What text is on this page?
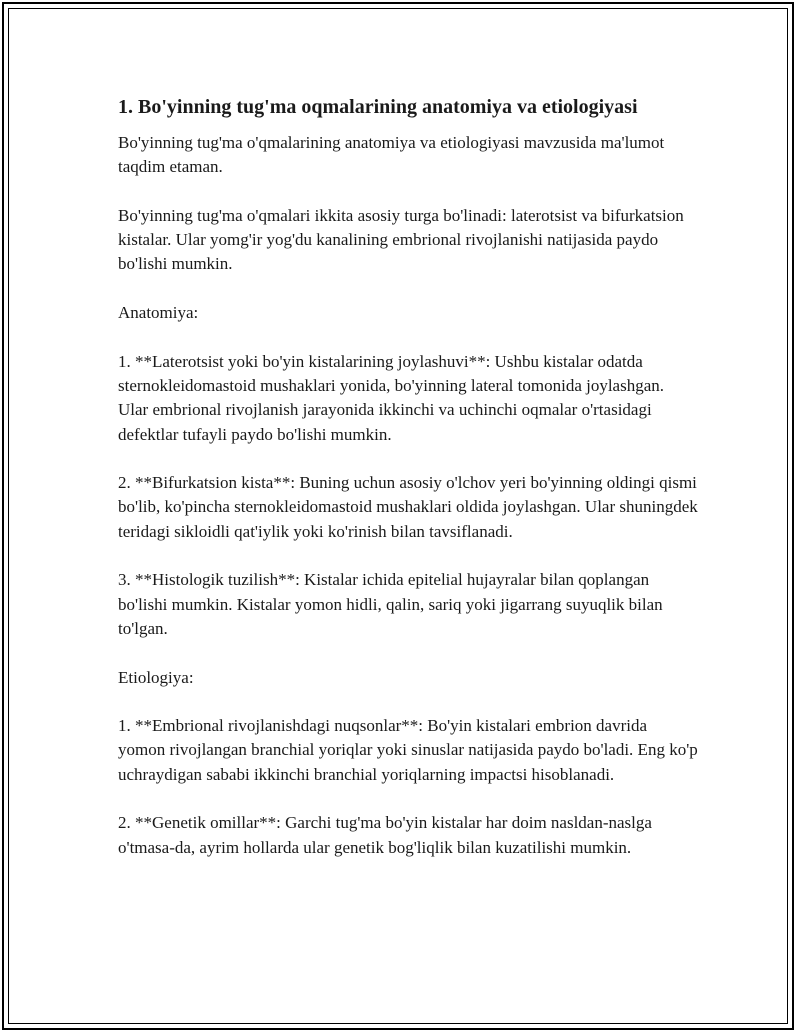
1. Bo'yinning tug'ma oqmalarining anatomiya va etiologiyasi

Bo'yinning tug'ma o'qmalarining anatomiya va etiologiyasi mavzusida ma'lumot taqdim etaman.

Bo'yinning tug'ma o'qmalari ikkita asosiy turga bo'linadi: laterotsist va bifurkatsion kistalar. Ular yomg'ir yog'du kanalining embrional rivojlanishi natijasida paydo bo'lishi mumkin.

Anatomiya:

1. **Laterotsist yoki bo'yin kistalarining joylashuvi**: Ushbu kistalar odatda sternokleidomastoid mushaklari yonida, bo'yinning lateral tomonida joylashgan. Ular embrional rivojlanish jarayonida ikkinchi va uchinchi oqmalar o'rtasidagi defektlar tufayli paydo bo'lishi mumkin.

2. **Bifurkatsion kista**: Buning uchun asosiy o'lchov yeri bo'yinning oldingi qismi bo'lib, ko'pincha sternokleidomastoid mushaklari oldida joylashgan. Ular shuningdek teridagi sikloidli qat'iylik yoki ko'rinish bilan tavsiflanadi.

3. **Histologik tuzilish**: Kistalar ichida epitelial hujayralar bilan qoplangan bo'lishi mumkin. Kistalar yomon hidli, qalin, sariq yoki jigarrang suyuqlik bilan to'lgan.

Etiologiya:

1. **Embrional rivojlanishdagi nuqsonlar**: Bo'yin kistalari embrion davrida yomon rivojlangan branchial yoriqlar yoki sinuslar natijasida paydo bo'ladi. Eng ko'p uchraydigan sababi ikkinchi branchial yoriqlarning impactsi hisoblanadi.

2. **Genetik omillar**: Garchi tug'ma bo'yin kistalar har doim nasldan-naslga o'tmasa-da, ayrim hollarda ular genetik bog'liqlik bilan kuzatilishi mumkin.
